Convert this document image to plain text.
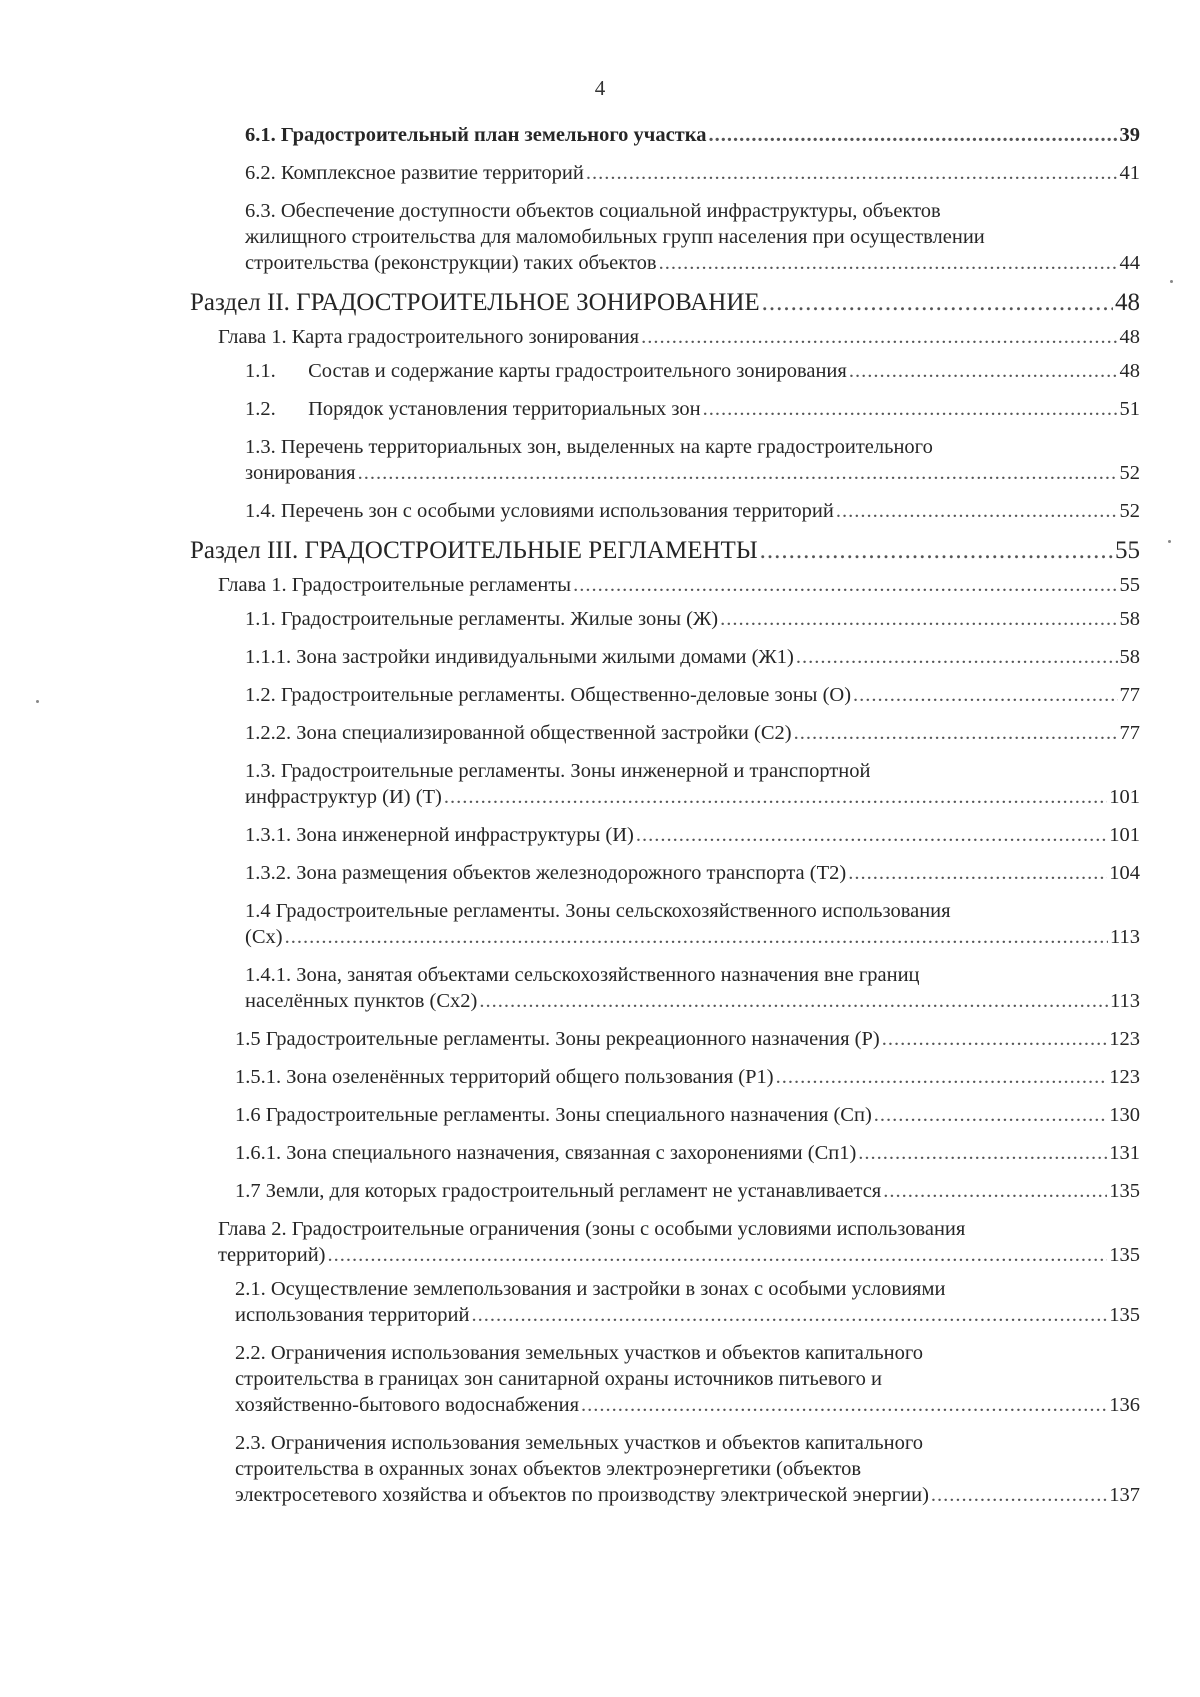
4
6.1. Градостроительный план земельного участка .....	39
6.2. Комплексное развитие территорий .....	41
6.3. Обеспечение доступности объектов социальной инфраструктуры, объектов
жилищного строительства для маломобильных групп населения при осуществлении
строительства (реконструкции) таких объектов .....	44
Раздел II. ГРАДОСТРОИТЕЛЬНОЕ ЗОНИРОВАНИЕ .....	48
Глава 1. Карта градостроительного зонирования .....	48
1.1. Состав и содержание карты градостроительного зонирования .....	48
1.2. Порядок установления территориальных зон .....	51
1.3. Перечень территориальных зон, выделенных на карте градостроительного
зонирования .....	52
1.4. Перечень зон с особыми условиями использования территорий .....	52
Раздел III. ГРАДОСТРОИТЕЛЬНЫЕ РЕГЛАМЕНТЫ .....	55
Глава 1. Градостроительные регламенты .....	55
1.1. Градостроительные регламенты. Жилые зоны (Ж) .....	58
1.1.1. Зона застройки индивидуальными жилыми домами (Ж1) .....	58
1.2. Градостроительные регламенты. Общественно-деловые зоны (О) .....	77
1.2.2. Зона специализированной общественной застройки (С2) .....	77
1.3. Градостроительные регламенты. Зоны инженерной и транспортной
инфраструктур (И) (Т) .....	101
1.3.1. Зона инженерной инфраструктуры (И) .....	101
1.3.2. Зона размещения объектов железнодорожного транспорта (Т2) .....	104
1.4 Градостроительные регламенты. Зоны сельскохозяйственного использования
(Сх) .....	113
1.4.1. Зона, занятая объектами сельскохозяйственного назначения вне границ
населённых пунктов (Сх2) .....	113
1.5 Градостроительные регламенты. Зоны рекреационного назначения (Р) .....	123
1.5.1. Зона озеленённых территорий общего пользования (Р1) .....	123
1.6 Градостроительные регламенты. Зоны специального назначения (Сп) .....	130
1.6.1. Зона специального назначения, связанная с захоронениями (Сп1) .....	131
1.7 Земли, для которых градостроительный регламент не устанавливается .....	135
Глава 2. Градостроительные ограничения (зоны с особыми условиями использования
территорий) .....	135
2.1. Осуществление землепользования и застройки в зонах с особыми условиями
использования территорий .....	135
2.2. Ограничения использования земельных участков и объектов капитального
строительства в границах зон санитарной охраны источников питьевого и
хозяйственно-бытового водоснабжения .....	136
2.3. Ограничения использования земельных участков и объектов капитального
строительства в охранных зонах объектов электроэнергетики (объектов
электросетевого хозяйства и объектов по производству электрической энергии) .....	137
